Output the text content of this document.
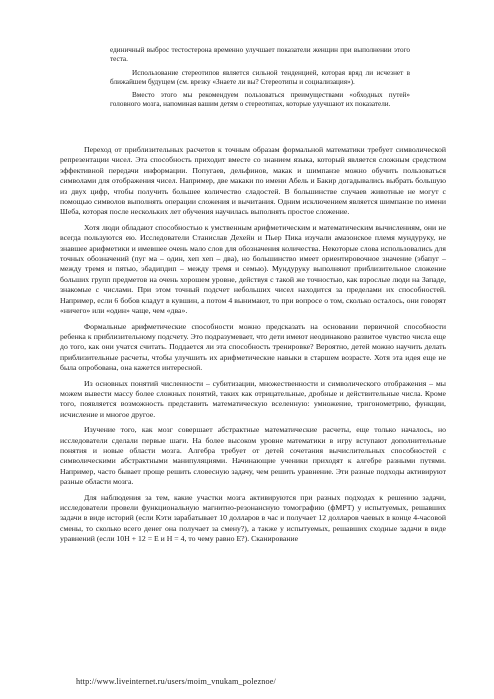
единичный выброс тестостерона временно улучшает показатели женщин при выполнении этого теста.

Использование стереотипов является сильной тенденцией, которая вряд ли исчезнет в ближайшем будущем (см. врезку «Знаете ли вы? Стереотипы и социализация»).

Вместо этого мы рекомендуем пользоваться преимуществами «обходных путей» головного мозга, напоминая вашим детям о стереотипах, которые улучшают их показатели.

Переход от приблизительных расчетов к точным образам формальной математики требует символической репрезентации чисел. Эта способность приходит вместе со знанием языка, который является сложным средством эффективной передачи информации. Попугаев, дельфинов, макак и шимпанзе можно обучить пользоваться символами для отображения чисел. Например, две макаки по имени Абель и Бакир догадывались выбрать большую из двух цифр, чтобы получить большее количество сладостей. В большинстве случаев животные не могут с помощью символов выполнять операции сложения и вычитания. Одним исключением является шимпанзе по имени Шеба, которая после нескольких лет обучения научилась выполнять простое сложение.

Хотя люди обладают способностью к умственным арифметическим и математическим вычислениям, они не всегда пользуются ею. Исследователи Станислав Дехейн и Пьер Пика изучали амазонское племя мундуруку, не знавшее арифметики и имевшее очень мало слов для обозначения количества. Некоторые слова использовались для точных обозначений (пуг ма – один, хеп хеп – два), но большинство имеет ориентировочное значение (эбапуг – между тремя и пятью, эбадипдип – между тремя и семью). Мундуруку выполняют приблизительное сложение больших групп предметов на очень хорошем уровне, действуя с такой же точностью, как взрослые люди на Западе, знакомые с числами. При этом точный подсчет небольших чисел находится за пределами их способностей. Например, если 6 бобов кладут в кувшин, а потом 4 вынимают, то при вопросе о том, сколько осталось, они говорят «ничего» или «один» чаще, чем «два».

Формальные арифметические способности можно предсказать на основании первичной способности ребенка к приблизительному подсчету. Это подразумевает, что дети имеют неодинаково развитое чувство числа еще до того, как они учатся считать. Поддается ли эта способность тренировке? Вероятно, детей можно научить делать приблизительные расчеты, чтобы улучшить их арифметические навыки в старшем возрасте. Хотя эта идея еще не была опробована, она кажется интересной.

Из основных понятий численности – субитизации, множественности и символического отображения – мы можем вывести массу более сложных понятий, таких как отрицательные, дробные и действительные числа. Кроме того, появляется возможность представить математическую вселенную: умножение, тригонометрию, функции, исчисление и многое другое.

Изучение того, как мозг совершает абстрактные математические расчеты, еще только началось, но исследователи сделали первые шаги. На более высоком уровне математики в игру вступают дополнительные понятия и новые области мозга. Алгебра требует от детей сочетания вычислительных способностей с символическими абстрактными манипуляциями. Начинающие ученики приходят к алгебре разными путями. Например, часто бывает проще решить словесную задачу, чем решить уравнение. Эти разные подходы активируют разные области мозга.

Для наблюдения за тем, какие участки мозга активируются при разных подходах к решению задачи, исследователи провели функциональную магнитно-резонансную томографию (фМРТ) у испытуемых, решавших задачи в виде историй (если Кэти зарабатывает 10 долларов в час и получает 12 долларов чаевых в конце 4-часовой смены, то сколько всего денег она получает за смену?), а также у испытуемых, решавших сходные задачи в виде уравнений (если 10H + 12 = E и H = 4, то чему равно E?). Сканирование

http://www.liveinternet.ru/users/moim_vnukam_poleznoe/
